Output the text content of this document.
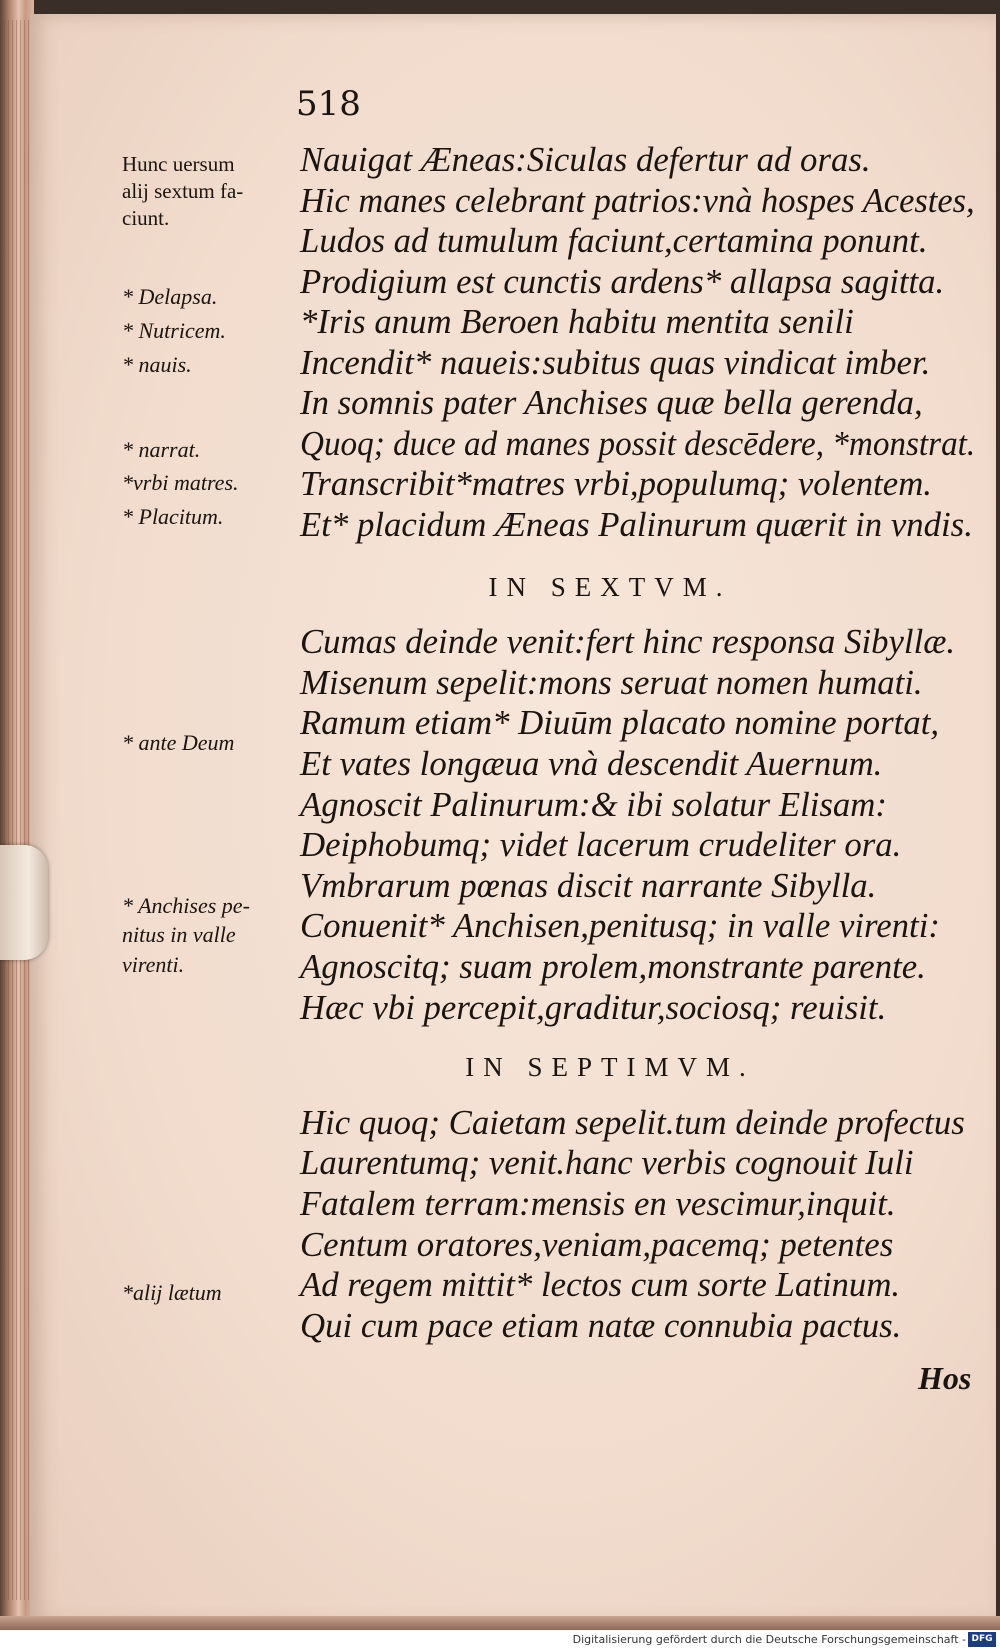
518
Hunc uersum
alij sextum fa-
ciunt.
* Delapsa.
* Nutricem.
* nauis.
* narrat.
*vrbi matres.
* Placitum.
* ante Deum
* Anchises pe-
nitus in valle
virenti.
*alij lætum
Nauigat Æneas:Siculas defertur ad oras.
Hic manes celebrant patrios:vnà hospes Acestes,
Ludos ad tumulum faciunt,certamina ponunt.
Prodigium est cunctis ardens* allapsa sagitta.
*Iris anum Beroen habitu mentita senili
Incendit* naueis:subitus quas vindicat imber.
In somnis pater Anchises quæ bella gerenda,
Quoq; duce ad manes possit descēdere, *monstrat.
Transcribit*matres vrbi,populumq; volentem.
Et* placidum Æneas Palinurum quærit in vndis.
IN SEXTVM.
Cumas deinde venit:fert hinc responsa Sibyllæ.
Misenum sepelit:mons seruat nomen humati.
Ramum etiam* Diuūm placato nomine portat,
Et vates longæua vnà descendit Auernum.
Agnoscit Palinurum:& ibi solatur Elisam:
Deiphobumq; videt lacerum crudeliter ora.
Vmbrarum pœnas discit narrante Sibylla.
Conuenit* Anchisen,penitusq; in valle virenti:
Agnoscitq; suam prolem,monstrante parente.
Hæc vbi percepit,graditur,sociosq; reuisit.
IN SEPTIMVM.
Hic quoq; Caietam sepelit.tum deinde profectus
Laurentumq; venit.hanc verbis cognouit Iuli
Fatalem terram:mensis en vescimur,inquit.
Centum oratores,veniam,pacemq; petentes
Ad regem mittit* lectos cum sorte Latinum.
Qui cum pace etiam natæ connubia pactus.
Hos
Digitalisierung gefördert durch die Deutsche Forschungsgemeinschaft - DFG
